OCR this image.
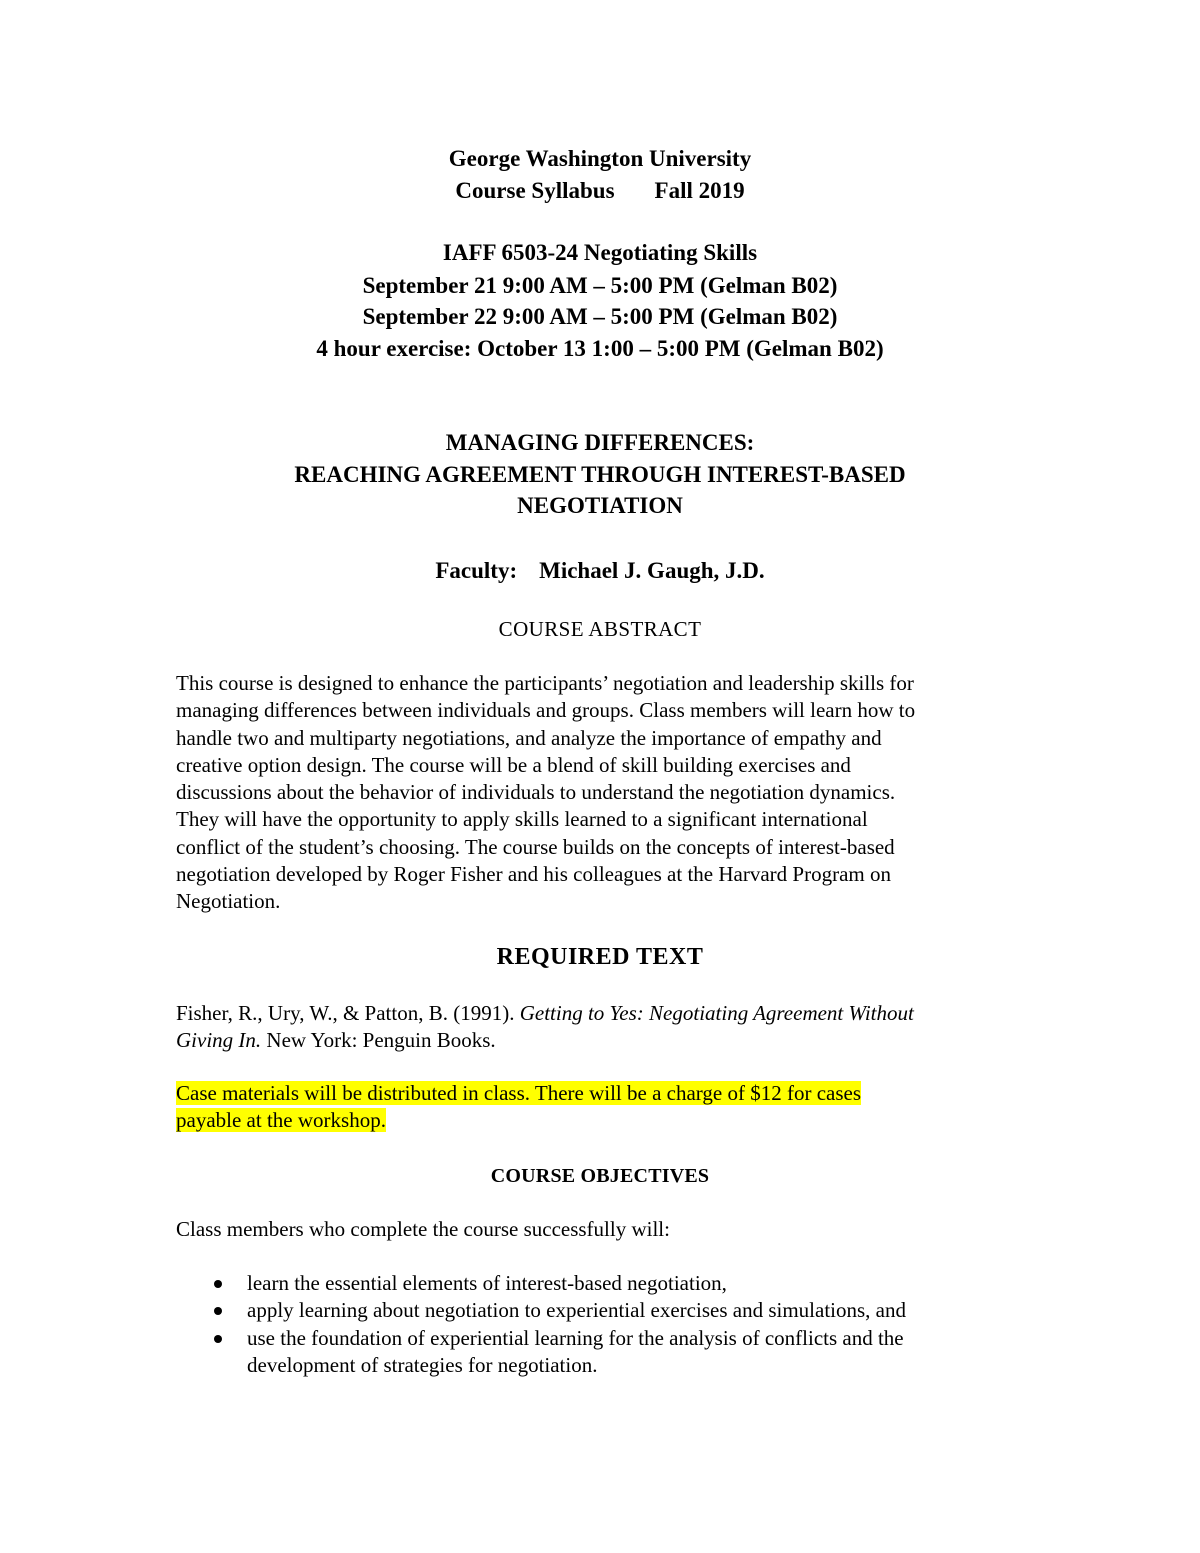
George Washington University
Course Syllabus Fall 2019
IAFF 6503-24 Negotiating Skills
September 21 9:00 AM – 5:00 PM (Gelman B02)
September 22 9:00 AM – 5:00 PM (Gelman B02)
4 hour exercise: October 13 1:00 – 5:00 PM (Gelman B02)
MANAGING DIFFERENCES:
REACHING AGREEMENT THROUGH INTEREST-BASED
NEGOTIATION
Faculty: Michael J. Gaugh, J.D.
COURSE ABSTRACT

This course is designed to enhance the participants’ negotiation and leadership skills for

managing differences between individuals and groups. Class members will learn how to

handle two and multiparty negotiations, and analyze the importance of empathy and

creative option design. The course will be a blend of skill building exercises and

discussions about the behavior of individuals to understand the negotiation dynamics.

They will have the opportunity to apply skills learned to a significant international

conflict of the student’s choosing. The course builds on the concepts of interest-based

negotiation developed by Roger Fisher and his colleagues at the Harvard Program on

Negotiation.

REQUIRED TEXT

Fisher, R., Ury, W., & Patton, B. (1991). Getting to Yes: Negotiating Agreement Without

Giving In. New York: Penguin Books.

Case materials will be distributed in class. There will be a charge of $12 for cases

payable at the workshop.

COURSE OBJECTIVES
Class members who complete the course successfully will:
learn the essential elements of interest-based negotiation,
apply learning about negotiation to experiential exercises and simulations, and
use the foundation of experiential learning for the analysis of conflicts and the development of strategies for negotiation.
